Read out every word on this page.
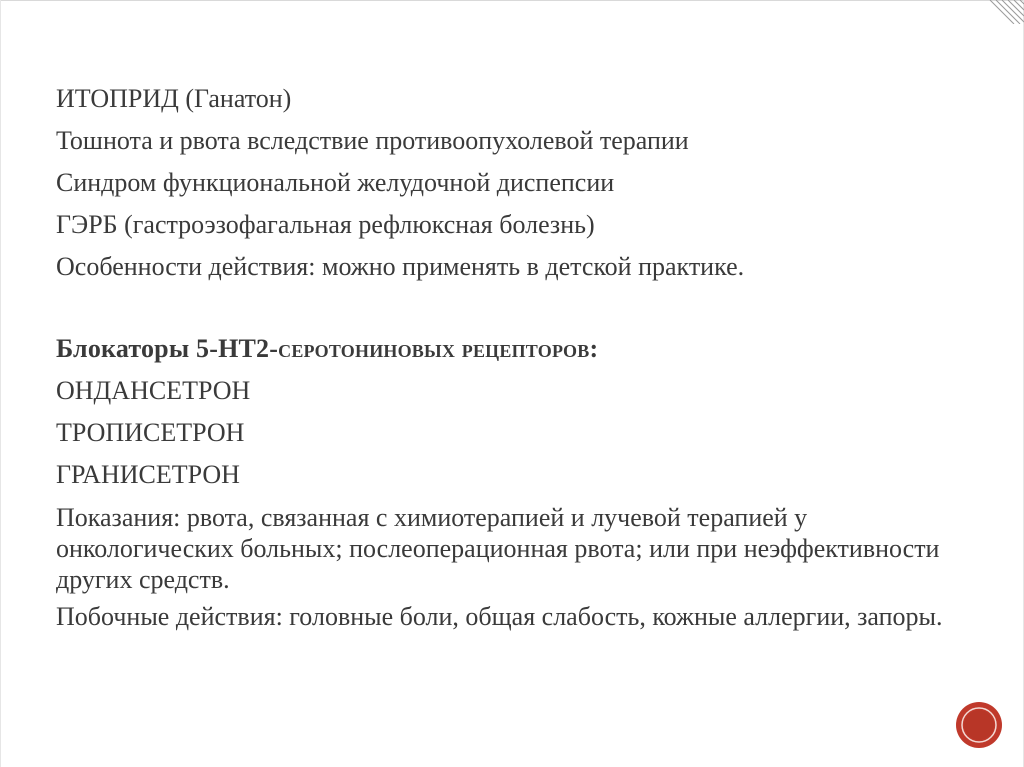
ИТОПРИД (Ганатон)
Тошнота и рвота вследствие противоопухолевой терапии
Синдром функциональной желудочной диспепсии
ГЭРБ (гастроэзофагальная рефлюксная болезнь)
Особенности действия: можно применять в детской практике.
Блокаторы 5-НТ2-серотониновых рецепторов:
ОНДАНСЕТРОН
ТРОПИСЕТРОН
ГРАНИСЕТРОН
Показания: рвота, связанная с химиотерапией и лучевой терапией у онкологических больных; послеоперационная рвота; или при неэффективности других средств.
Побочные действия: головные боли, общая слабость, кожные аллергии, запоры.
